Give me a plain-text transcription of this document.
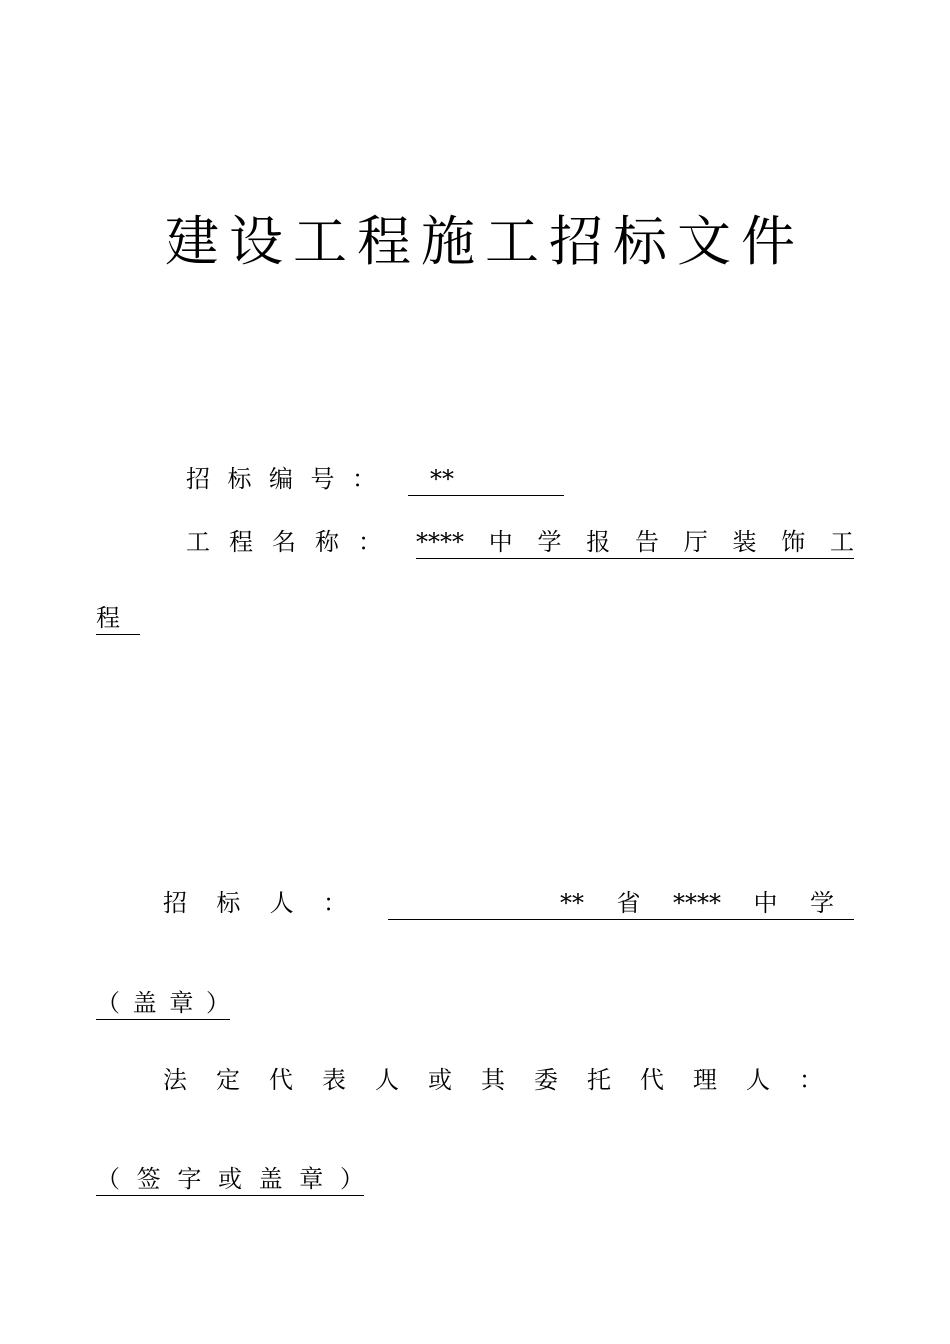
建设工程施工招标文件
招 标 编 号 ：	**
工 程 名 称 ： **** 中 学 报 告 厅 装 饰 工
程
招 标 人 ：	** 省 **** 中 学
（ 盖 章 ）
法 定 代 表 人 或 其 委 托 代 理 人 ：
（ 签 字 或 盖 章 ）
